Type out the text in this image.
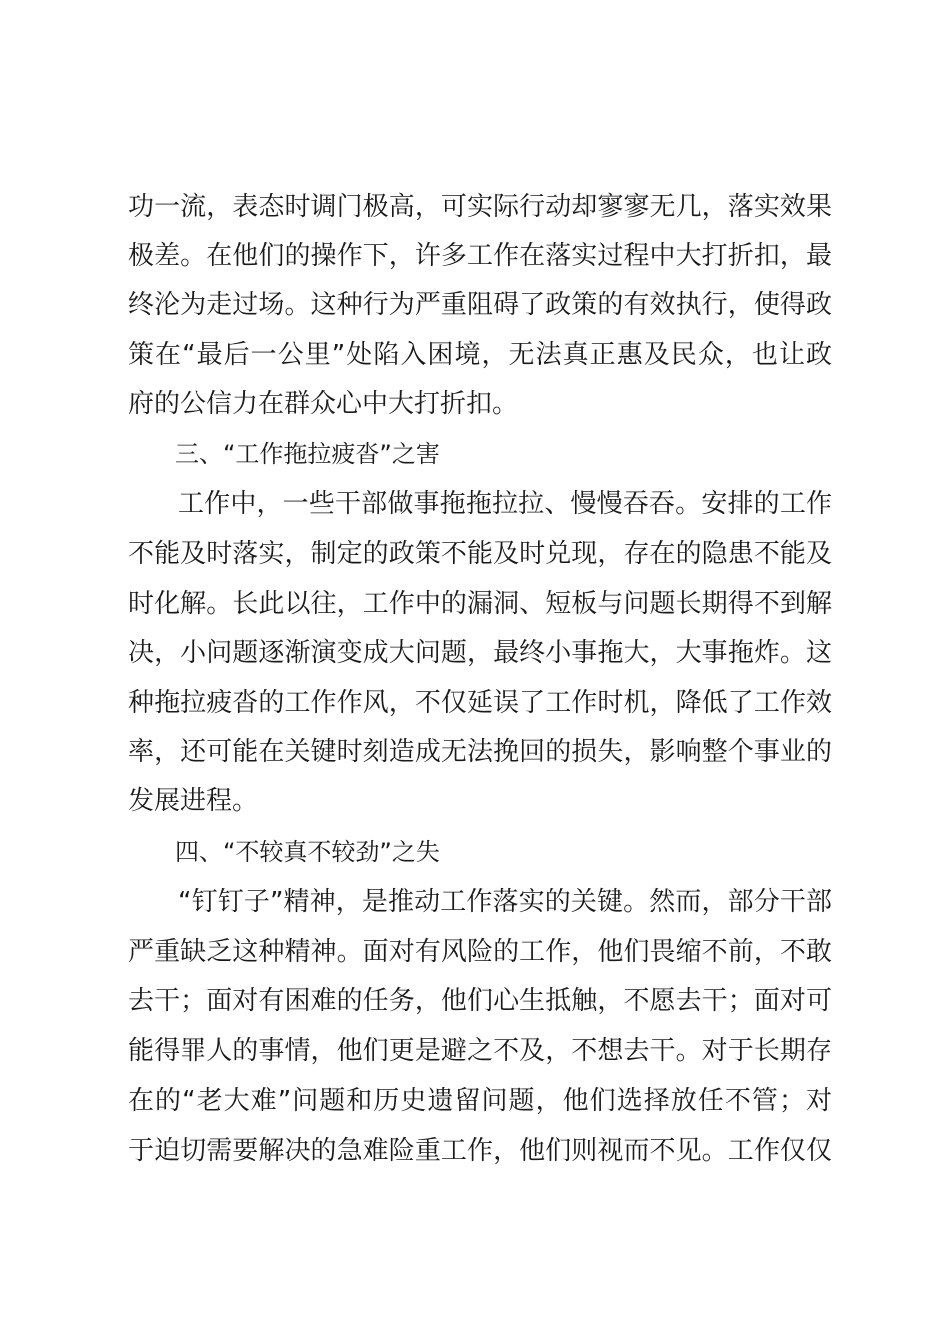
功一流，表态时调门极高，可实际行动却寥寥无几，落实效果
极差。在他们的操作下，许多工作在落实过程中大打折扣，最
终沦为走过场。这种行为严重阻碍了政策的有效执行，使得政
策在“最后一公里”处陷入困境，无法真正惠及民众，也让政
府的公信力在群众心中大打折扣。
三、“工作拖拉疲沓”之害
工作中，一些干部做事拖拖拉拉、慢慢吞吞。安排的工作
不能及时落实，制定的政策不能及时兑现，存在的隐患不能及
时化解。长此以往，工作中的漏洞、短板与问题长期得不到解
决，小问题逐渐演变成大问题，最终小事拖大，大事拖炸。这
种拖拉疲沓的工作作风，不仅延误了工作时机，降低了工作效
率，还可能在关键时刻造成无法挽回的损失，影响整个事业的
发展进程。
四、“不较真不较劲”之失
“钉钉子”精神，是推动工作落实的关键。然而，部分干部
严重缺乏这种精神。面对有风险的工作，他们畏缩不前，不敢
去干；面对有困难的任务，他们心生抵触，不愿去干；面对可
能得罪人的事情，他们更是避之不及，不想去干。对于长期存
在的“老大难”问题和历史遗留问题，他们选择放任不管；对
于迫切需要解决的急难险重工作，他们则视而不见。工作仅仅
